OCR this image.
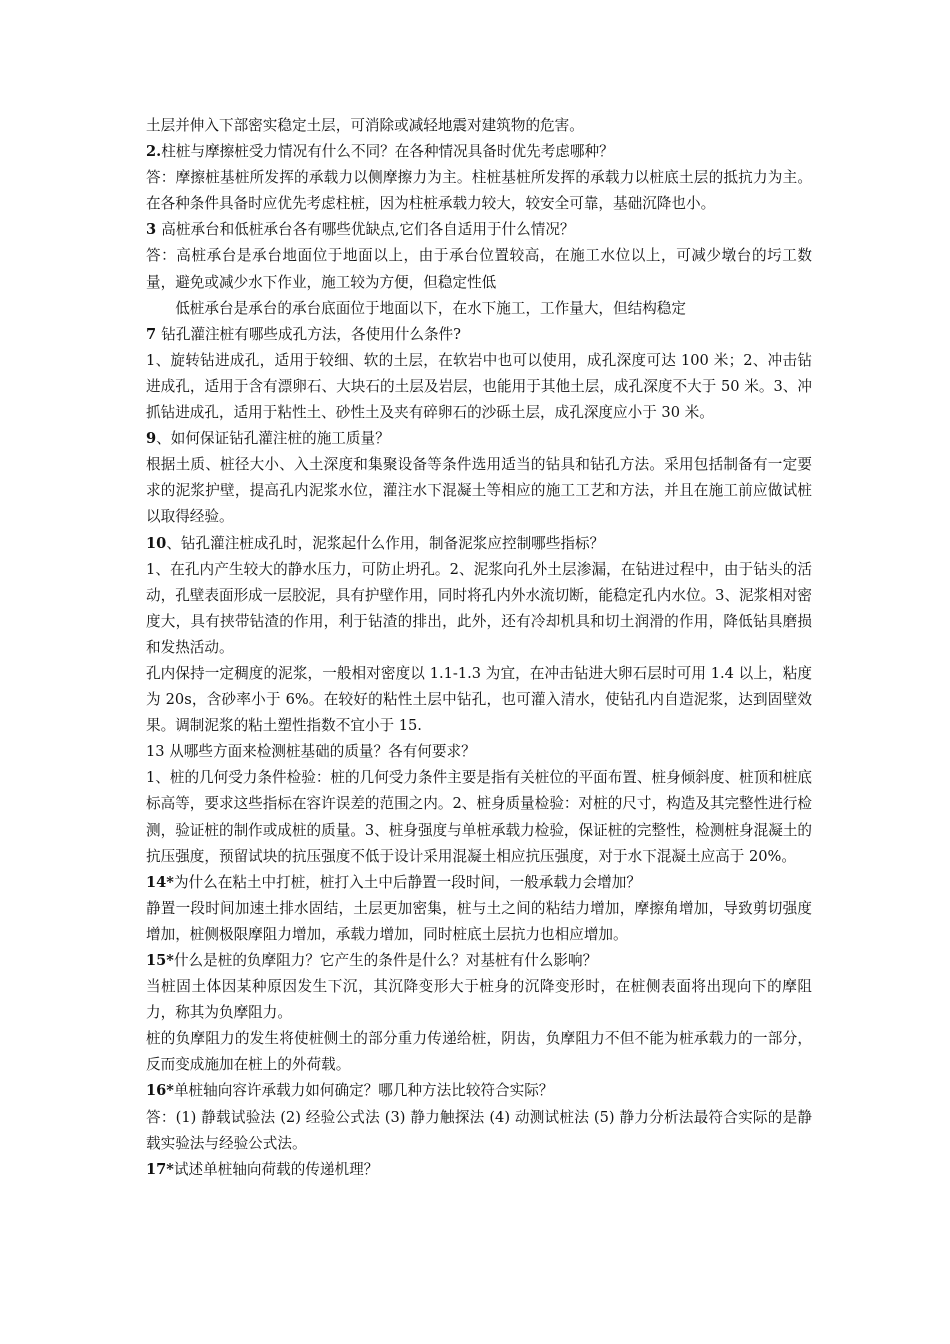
土层并伸入下部密实稳定土层，可消除或减轻地震对建筑物的危害。

2.柱桩与摩擦桩受力情况有什么不同？在各种情况具备时优先考虑哪种？

答：摩擦桩基桩所发挥的承载力以侧摩擦力为主。柱桩基桩所发挥的承载力以桩底土层的抵抗力为主。在各种条件具备时应优先考虑柱桩，因为柱桩承载力较大，较安全可靠，基础沉降也小。

3 高桩承台和低桩承台各有哪些优缺点,它们各自适用于什么情况？

答：高桩承台是承台地面位于地面以上，由于承台位置较高，在施工水位以上，可减少墩台的圬工数量，避免或减少水下作业，施工较为方便，但稳定性低

低桩承台是承台的承台底面位于地面以下，在水下施工，工作量大，但结构稳定

7 钻孔灌注桩有哪些成孔方法，各使用什么条件?

1、旋转钻进成孔，适用于较细、软的土层，在软岩中也可以使用，成孔深度可达 100 米；2、冲击钻进成孔，适用于含有漂卵石、大块石的土层及岩层，也能用于其他土层，成孔深度不大于 50 米。3、冲抓钻进成孔，适用于粘性土、砂性土及夹有碎卵石的沙砾土层，成孔深度应小于 30 米。

9、如何保证钻孔灌注桩的施工质量？

根据土质、桩径大小、入土深度和集聚设备等条件选用适当的钻具和钻孔方法。采用包括制备有一定要求的泥浆护壁，提高孔内泥浆水位，灌注水下混凝土等相应的施工工艺和方法，并且在施工前应做试桩以取得经验。

10、钻孔灌注桩成孔时，泥浆起什么作用，制备泥浆应控制哪些指标？

1、在孔内产生较大的静水压力，可防止坍孔。2、泥浆向孔外土层渗漏，在钻进过程中，由于钻头的活动，孔壁表面形成一层胶泥，具有护壁作用，同时将孔内外水流切断，能稳定孔内水位。3、泥浆相对密度大，具有挟带钻渣的作用，利于钻渣的排出，此外，还有冷却机具和切土润滑的作用，降低钻具磨损和发热活动。

孔内保持一定稠度的泥浆，一般相对密度以 1.1-1.3 为宜，在冲击钻进大卵石层时可用 1.4 以上，粘度为 20s，含砂率小于 6%。在较好的粘性土层中钻孔，也可灌入清水，使钻孔内自造泥浆，达到固壁效果。调制泥浆的粘土塑性指数不宜小于 15.

13 从哪些方面来检测桩基础的质量？各有何要求？

1、桩的几何受力条件检验：桩的几何受力条件主要是指有关桩位的平面布置、桩身倾斜度、桩顶和桩底标高等，要求这些指标在容许误差的范围之内。2、桩身质量检验：对桩的尺寸，构造及其完整性进行检测，验证桩的制作或成桩的质量。3、桩身强度与单桩承载力检验，保证桩的完整性，检测桩身混凝土的抗压强度，预留试块的抗压强度不低于设计采用混凝土相应抗压强度，对于水下混凝土应高于 20%。

14*为什么在粘土中打桩，桩打入土中后静置一段时间，一般承载力会增加？

静置一段时间加速土排水固结，土层更加密集，桩与土之间的粘结力增加，摩擦角增加，导致剪切强度增加，桩侧极限摩阻力增加，承载力增加，同时桩底土层抗力也相应增加。

15*什么是桩的负摩阻力？它产生的条件是什么？对基桩有什么影响？

当桩固土体因某种原因发生下沉，其沉降变形大于桩身的沉降变形时，在桩侧表面将出现向下的摩阻力，称其为负摩阻力。

桩的负摩阻力的发生将使桩侧土的部分重力传递给桩，阴齿，负摩阻力不但不能为桩承载力的一部分，反而变成施加在桩上的外荷载。

16*单桩轴向容许承载力如何确定？哪几种方法比较符合实际？

答：(1) 静载试验法 (2) 经验公式法 (3) 静力触探法 (4) 动测试桩法 (5) 静力分析法最符合实际的是静载实验法与经验公式法。

17*试述单桩轴向荷载的传递机理？
